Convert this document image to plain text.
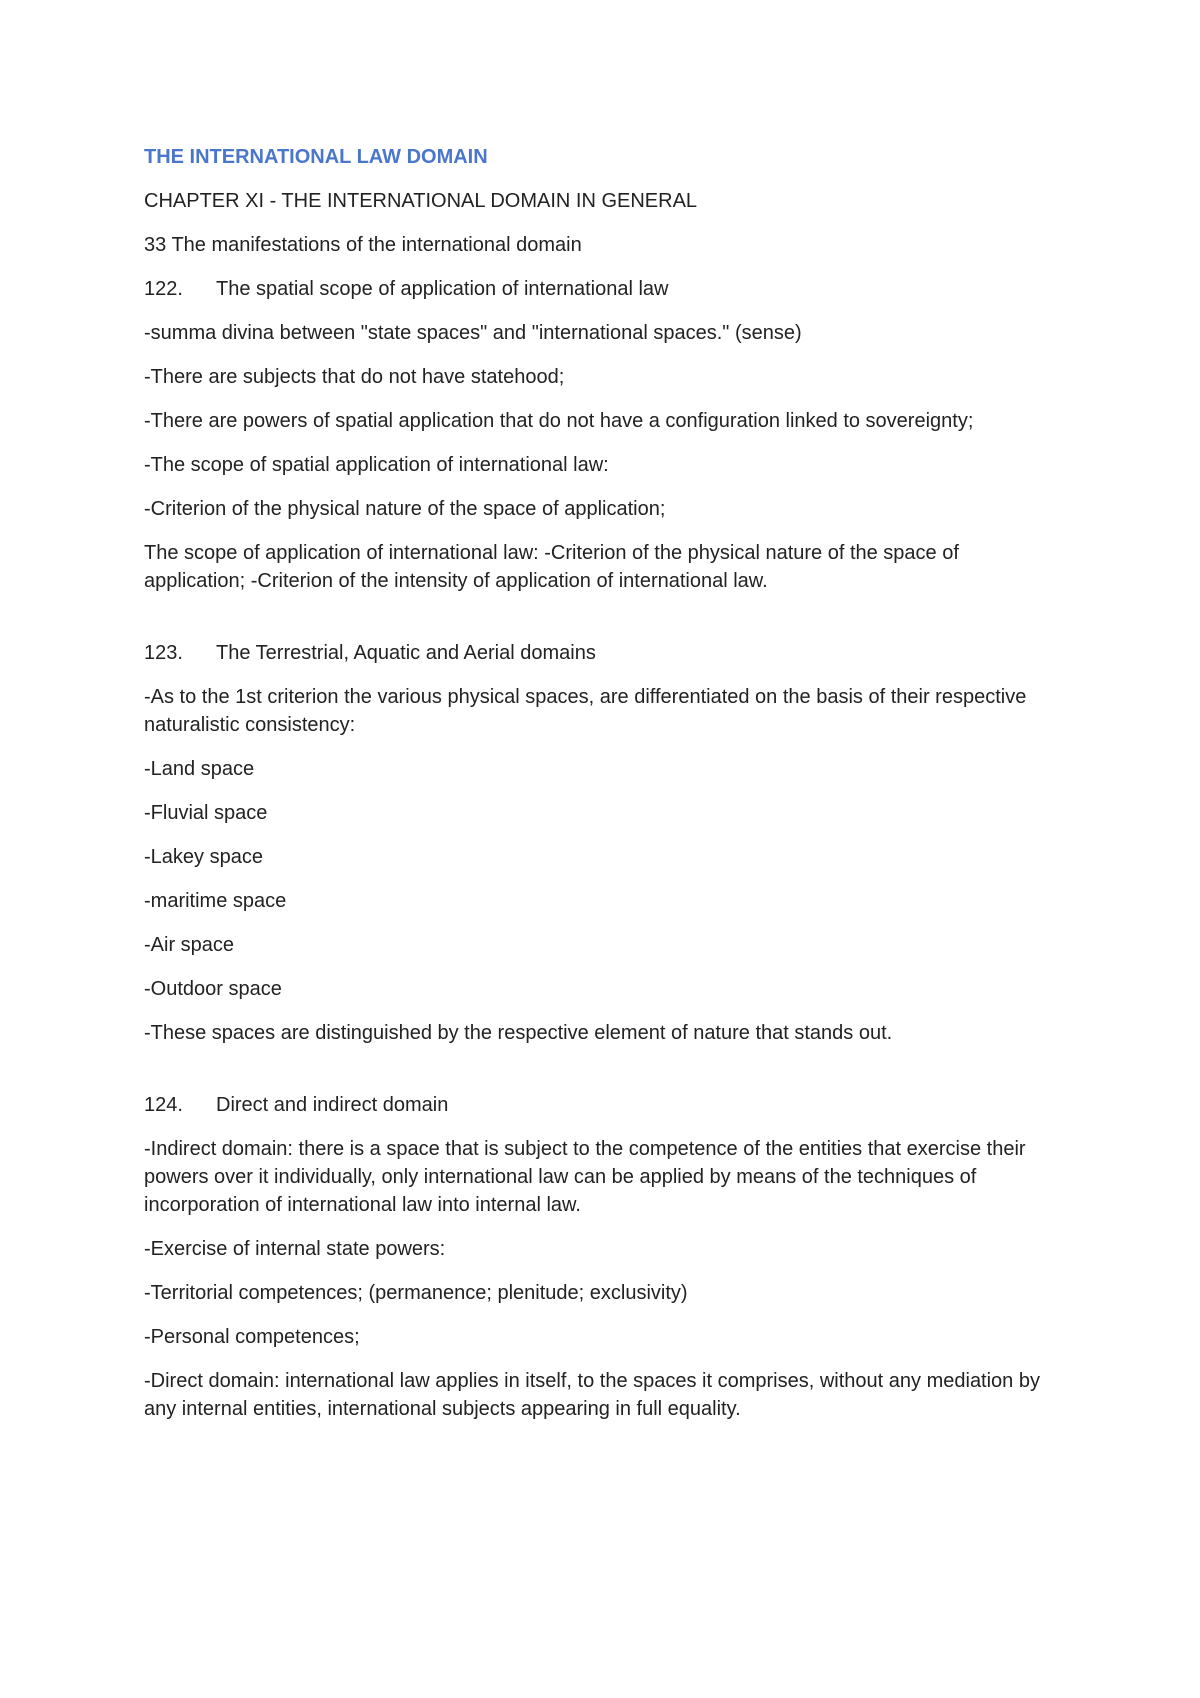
THE INTERNATIONAL LAW DOMAIN
CHAPTER XI - THE INTERNATIONAL DOMAIN IN GENERAL
33 The manifestations of the international domain
122.	The spatial scope of application of international law
-summa divina between "state spaces" and "international spaces." (sense)
-There are subjects that do not have statehood;
-There are powers of spatial application that do not have a configuration linked to sovereignty;
-The scope of spatial application of international law:
-Criterion of the physical nature of the space of application;
The scope of application of international law: -Criterion of the physical nature of the space of application; -Criterion of the intensity of application of international law.
123.	The Terrestrial, Aquatic and Aerial domains
-As to the 1st criterion the various physical spaces, are differentiated on the basis of their respective naturalistic consistency:
-Land space
-Fluvial space
-Lakey space
-maritime space
-Air space
-Outdoor space
-These spaces are distinguished by the respective element of nature that stands out.
124.	Direct and indirect domain
-Indirect domain: there is a space that is subject to the competence of the entities that exercise their powers over it individually, only international law can be applied by means of the techniques of incorporation of international law into internal law.
-Exercise of internal state powers:
-Territorial competences; (permanence; plenitude; exclusivity)
-Personal competences;
-Direct domain: international law applies in itself, to the spaces it comprises, without any mediation by any internal entities, international subjects appearing in full equality.
